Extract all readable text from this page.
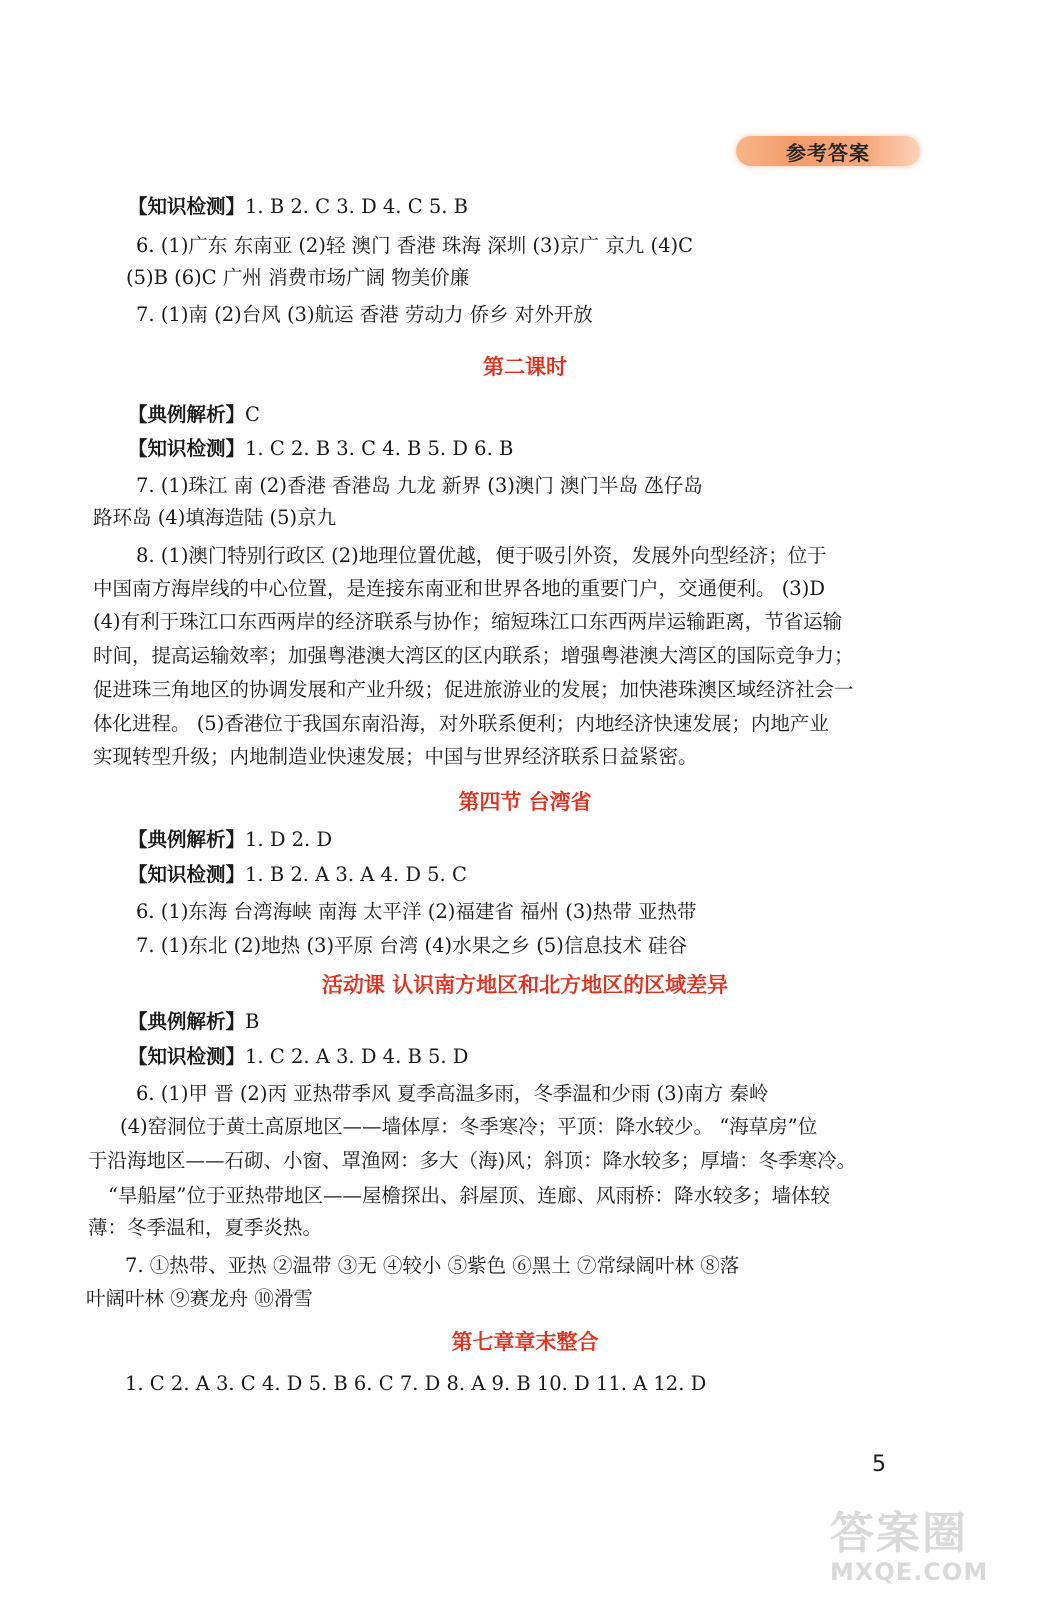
参考答案
【知识检测】1. B 2. C 3. D 4. C 5. B
6. (1)广东 东南亚 (2)轻 澳门 香港 珠海 深圳 (3)京广 京九 (4)C
(5)B (6)C 广州 消费市场广阔 物美价廉
7. (1)南 (2)台风 (3)航运 香港 劳动力 侨乡 对外开放
第二课时
【典例解析】C
【知识检测】1. C 2. B 3. C 4. B 5. D 6. B
7. (1)珠江 南 (2)香港 香港岛 九龙 新界 (3)澳门 澳门半岛 氹仔岛
路环岛 (4)填海造陆 (5)京九
8. (1)澳门特别行政区 (2)地理位置优越，便于吸引外资，发展外向型经济；位于
中国南方海岸线的中心位置，是连接东南亚和世界各地的重要门户，交通便利。 (3)D
(4)有利于珠江口东西两岸的经济联系与协作；缩短珠江口东西两岸运输距离，节省运输
时间，提高运输效率；加强粤港澳大湾区的区内联系；增强粤港澳大湾区的国际竞争力；
促进珠三角地区的协调发展和产业升级；促进旅游业的发展；加快港珠澳区域经济社会一
体化进程。 (5)香港位于我国东南沿海，对外联系便利；内地经济快速发展；内地产业
实现转型升级；内地制造业快速发展；中国与世界经济联系日益紧密。
第四节 台湾省
【典例解析】1. D 2. D
【知识检测】1. B 2. A 3. A 4. D 5. C
6. (1)东海 台湾海峡 南海 太平洋 (2)福建省 福州 (3)热带 亚热带
7. (1)东北 (2)地热 (3)平原 台湾 (4)水果之乡 (5)信息技术 硅谷
活动课 认识南方地区和北方地区的区域差异
【典例解析】B
【知识检测】1. C 2. A 3. D 4. B 5. D
6. (1)甲 晋 (2)丙 亚热带季风 夏季高温多雨，冬季温和少雨 (3)南方 秦岭
(4)窑洞位于黄土高原地区——墙体厚：冬季寒冷；平顶：降水较少。 “海草房”位
于沿海地区——石砌、小窗、罩渔网：多大（海)风；斜顶：降水较多；厚墙：冬季寒冷。
“旱船屋”位于亚热带地区——屋檐探出、斜屋顶、连廊、风雨桥：降水较多；墙体较
薄：冬季温和，夏季炎热。
7. ①热带、亚热 ②温带 ③无 ④较小 ⑤紫色 ⑥黑土 ⑦常绿阔叶林 ⑧落
叶阔叶林 ⑨赛龙舟 ⑩滑雪
第七章章末整合
1. C 2. A 3. C 4. D 5. B 6. C 7. D 8. A 9. B 10. D 11. A 12. D
5
答案圈
MXQE.COM
